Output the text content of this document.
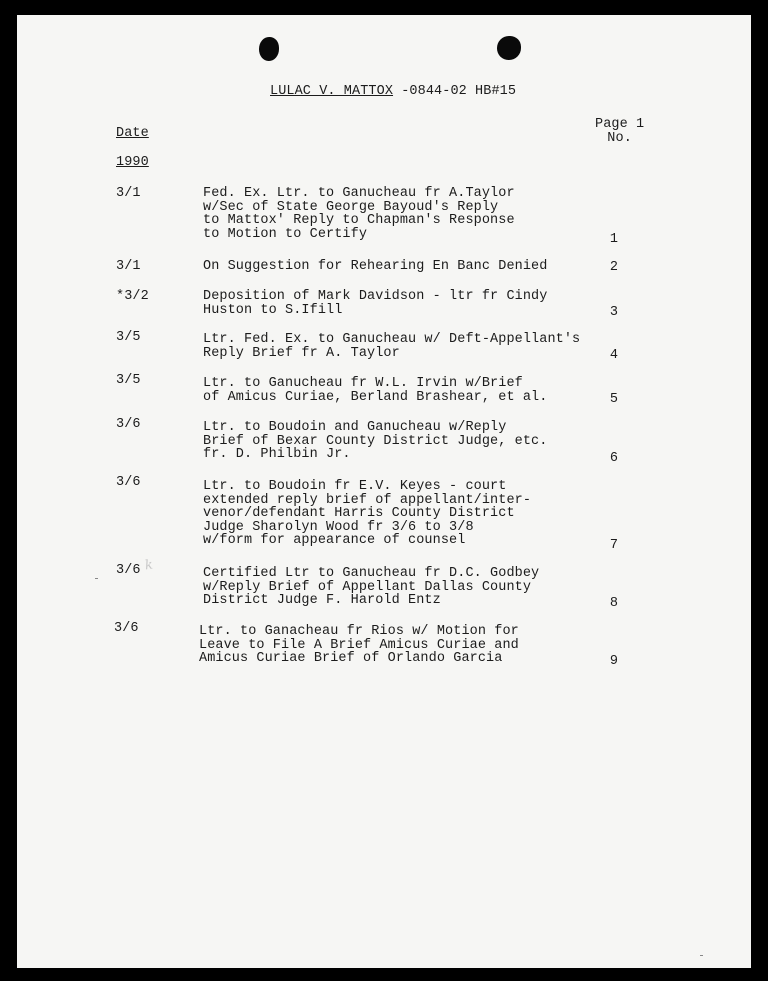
LULAC V. MATTOX -0844-02 HB#15
Date
Page 1
No.
1990
3/1	Fed. Ex. Ltr. to Ganucheau fr A.Taylor
w/Sec of State George Bayoud's Reply
to Mattox' Reply to Chapman's Response
to Motion to Certify	1
3/1	On Suggestion for Rehearing En Banc Denied	2
*3/2	Deposition of Mark Davidson - ltr fr Cindy
Huston to S.Ifill	3
3/5	Ltr. Fed. Ex. to Ganucheau w/ Deft-Appellant's
Reply Brief fr A. Taylor	4
3/5	Ltr. to Ganucheau fr W.L. Irvin w/Brief
of Amicus Curiae, Berland Brashear, et al.	5
3/6	Ltr. to Boudoin and Ganucheau w/Reply
Brief of Bexar County District Judge, etc.
fr. D. Philbin Jr.	6
3/6	Ltr. to Boudoin fr E.V. Keyes - court
extended reply brief of appellant/inter-
venor/defendant Harris County District
Judge Sharolyn Wood fr 3/6 to 3/8
w/form for appearance of counsel	7
3/6	Certified Ltr to Ganucheau fr D.C. Godbey
w/Reply Brief of Appellant Dallas County
District Judge F. Harold Entz	8
3/6	Ltr. to Ganacheau fr Rios w/ Motion for
Leave to File A Brief Amicus Curiae and
Amicus Curiae Brief of Orlando Garcia	9
k
